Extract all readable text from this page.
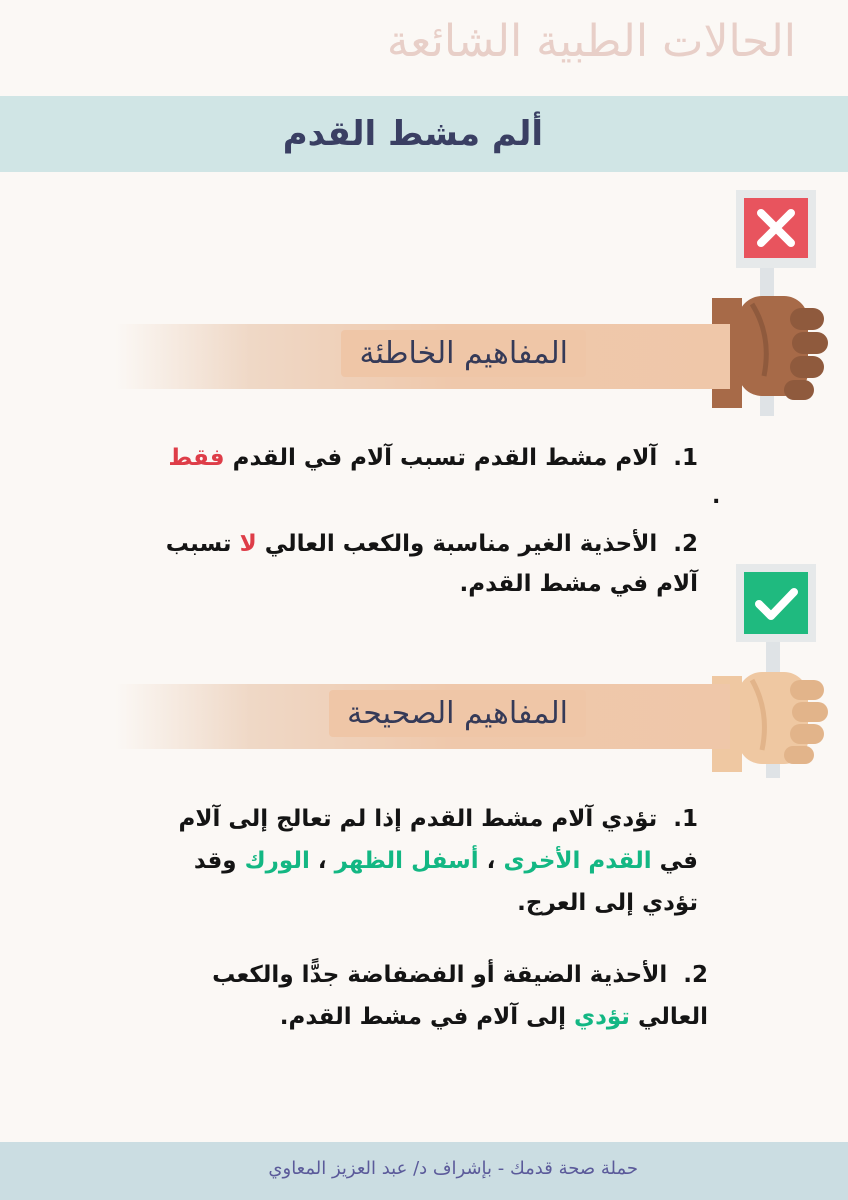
الحالات الطبية الشائعة
ألم مشط القدم
المفاهيم الخاطئة

1. آلام مشط القدم تسبب آلام في القدم فقط

.

2. الأحذية الغير مناسبة والكعب العالي لا تسبب آلام في مشط القدم.

المفاهيم الصحيحة

1. تؤدي آلام مشط القدم إذا لم تعالج إلى آلام في القدم الأخرى ، أسفل الظهر ، الورك وقد تؤدي إلى العرج.

2. الأحذية الضيقة أو الفضفاضة جدًّا والكعب العالي تؤدي إلى آلام في مشط القدم.

حملة صحة قدمك - بإشراف د/ عبد العزيز المعاوي
